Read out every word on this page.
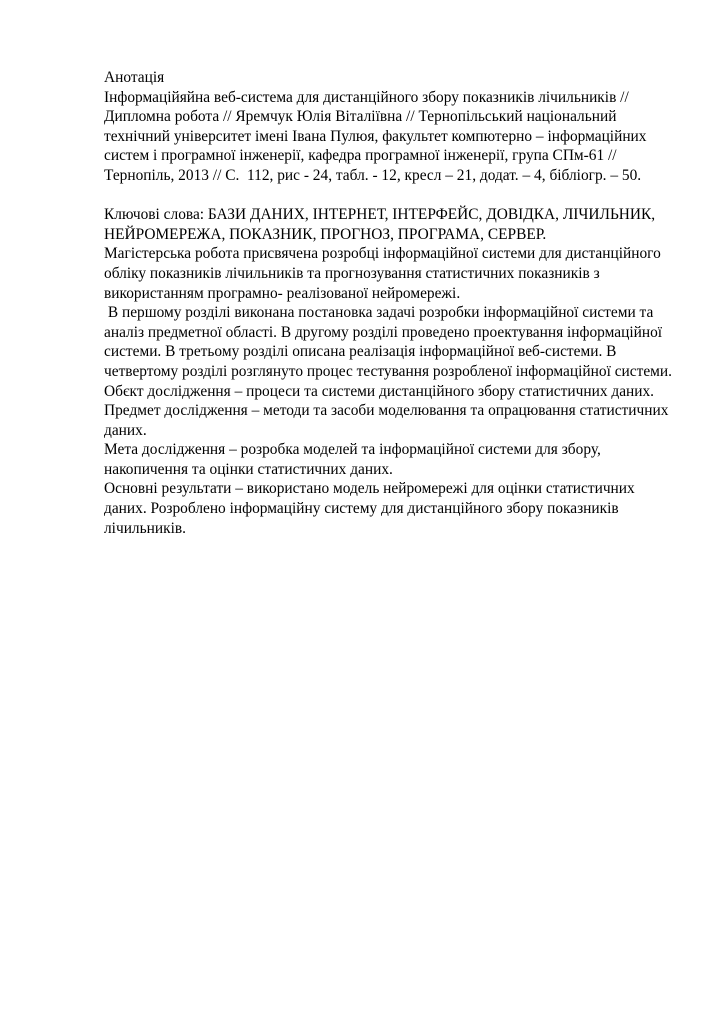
Анотація

Інформаційяйна веб-система для дистанційного збору показників лічильників // Дипломна робота // Яремчук Юлія Віталіївна // Тернопільський національний технічний університет імені Івана Пулюя, факультет компютерно – інформаційних систем і програмної інженерії, кафедра програмної інженерії, група СПм-61 // Тернопіль, 2013 // С.  112, рис - 24, табл. - 12, кресл – 21, додат. – 4, бібліогр. – 50.

Ключові слова: БАЗИ ДАНИХ, ІНТЕРНЕТ, ІНТЕРФЕЙС, ДОВІДКА, ЛІЧИЛЬНИК, НЕЙРОМЕРЕЖА, ПОКАЗНИК, ПРОГНОЗ, ПРОГРАМА, СЕРВЕР.

Магістерська робота присвячена розробці інформаційної системи для дистанційного обліку показників лічильників та прогнозування статистичних показників з використанням програмно- реалізованої нейромережі.

В першому розділі виконана постановка задачі розробки інформаційної системи та аналіз предметної області. В другому розділі проведено проектування інформаційної системи. В третьому розділі описана реалізація інформаційної веб-системи. В четвертому розділі розглянуто процес тестування розробленої інформаційної системи.

Обєкт дослідження – процеси та системи дистанційного збору статистичних даних.

Предмет дослідження – методи та засоби моделювання та опрацювання статистичних даних.

Мета дослідження – розробка моделей та інформаційної системи для збору, накопичення та оцінки статистичних даних.

Основні результати – використано модель нейромережі для оцінки статистичних даних. Розроблено інформаційну систему для дистанційного збору показників лічильників.
